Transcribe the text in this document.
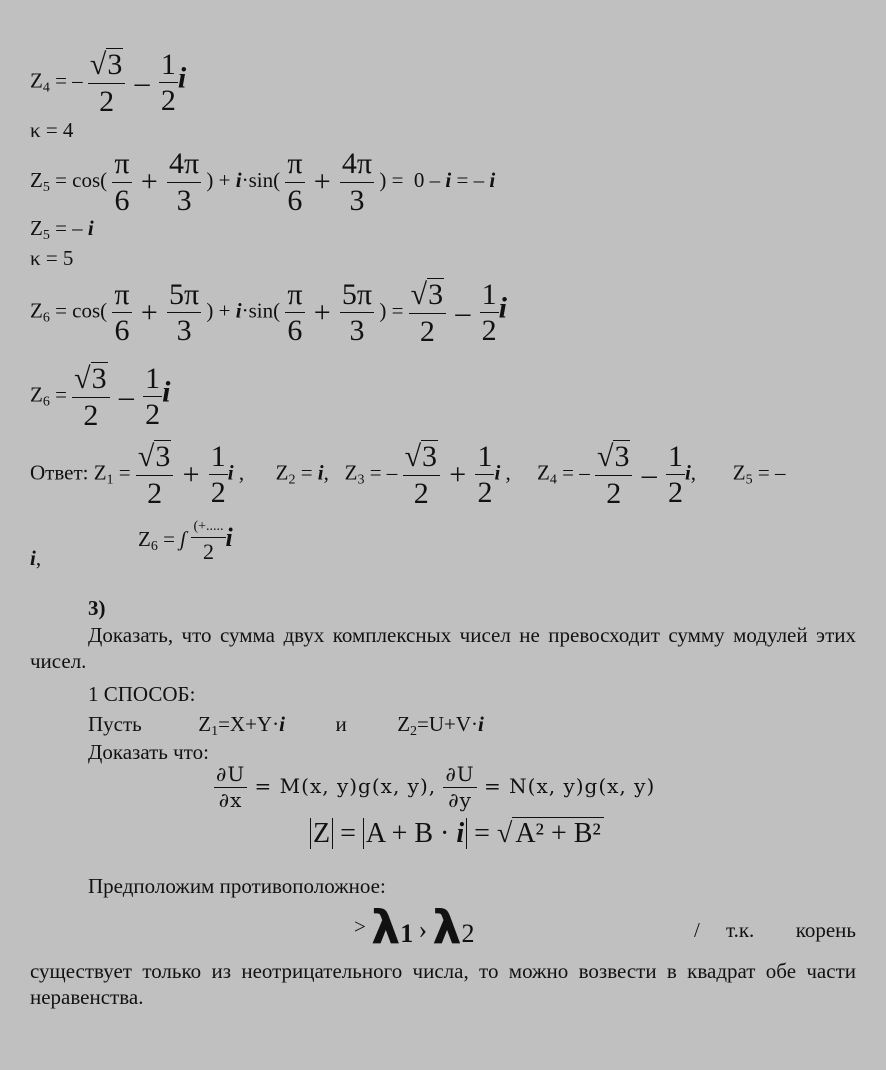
$Z_4$ = – $\frac{√3}{2} - \frac{1}{2}$ i
κ = 4
$Z_5 = \cos( \frac{\pi}{6} + \frac{4\pi}{3}$ ) + $i\cdot\sin( \frac{\pi}{6} + \frac{4\pi}{3}$ ) =  0 – i = – i
$Z_5$ = – i
κ = 5
$Z_6 = \cos( \frac{\pi}{6} + \frac{5\pi}{3}$ ) + $i\cdot\sin( \frac{\pi}{6} + \frac{5\pi}{3}$ ) = $\frac{√3}{2} - \frac{1}{2}$ i
$Z_6 = \frac{√3}{2} - \frac{1}{2}$ i
Ответ: $Z_1 = \frac{√3}{2} + \frac{1}{2}$ i , $Z_2 = i$, $Z_3$ = – $\frac{√3}{2} + \frac{1}{2}$ i , $Z_4$ = – $\frac{√3}{2} - \frac{1}{2} i$, $Z_5$ = –
i,
$Z_6$ = ʃ $\frac{(+.....}{2}$ i
3)
Доказать, что сумма двух комплексных чисел не превосходит сумму модулей этих чисел.
1 СПОСОБ:
Пусть	$Z_1=X+Y\cdot i$ и $Z_2=U+V\cdot i$
Доказать что:
$\frac{\partial U}{\partial x} = M(x$, y)g(x, y), $\frac{\partial U}{\partial y} = N(x$, y)g(x, y)
Z = A + B · i = √ A² + B²
Предположим противоположное:
> λ1 › λ2	/ т.к. корень
существует только из неотрицательного числа, то можно возвести в квадрат обе части неравенства.
